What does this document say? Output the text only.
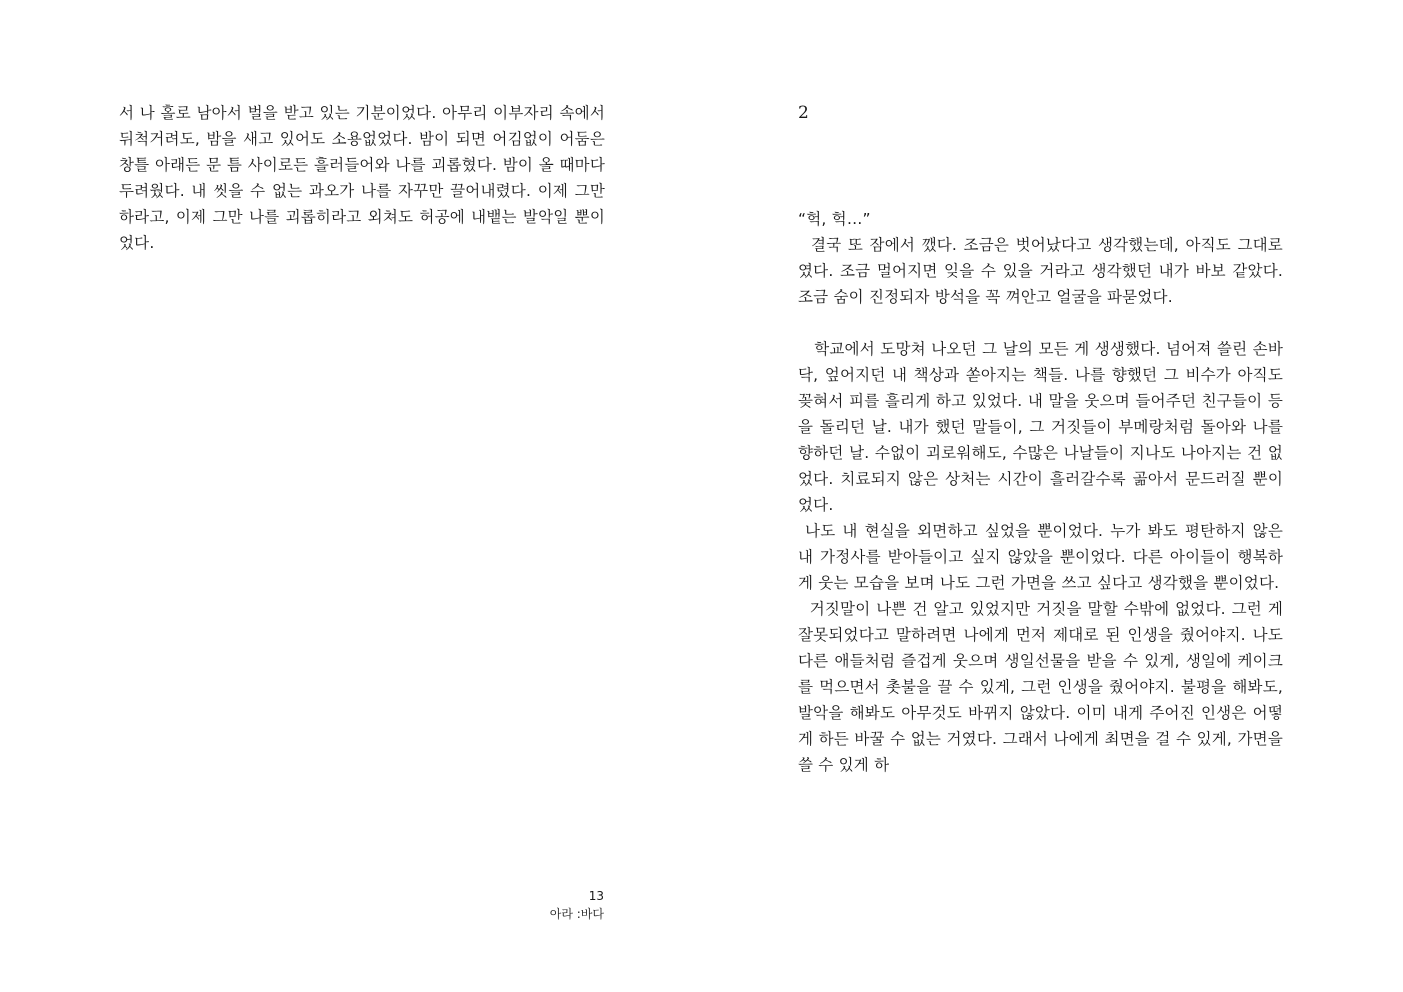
서 나 홀로 남아서 벌을 받고 있는 기분이었다. 아무리 이부자리 속에서 뒤척거려도, 밤을 새고 있어도 소용없었다. 밤이 되면 어김없이 어둠은 창틀 아래든 문 틈 사이로든 흘러들어와 나를 괴롭혔다. 밤이 올 때마다 두려웠다. 내 씻을 수 없는 과오가 나를 자꾸만 끌어내렸다. 이제 그만하라고, 이제 그만 나를 괴롭히라고 외쳐도 허공에 내뱉는 발악일 뿐이었다.

13
아라 :바다
2

“헉, 헉…”

결국 또 잠에서 깼다. 조금은 벗어났다고 생각했는데, 아직도 그대로였다. 조금 멀어지면 잊을 수 있을 거라고 생각했던 내가 바보 같았다. 조금 숨이 진정되자 방석을 꼭 껴안고 얼굴을 파묻었다.

학교에서 도망쳐 나오던 그 날의 모든 게 생생했다. 넘어져 쓸린 손바닥, 엎어지던 내 책상과 쏟아지는 책들. 나를 향했던 그 비수가 아직도 꽂혀서 피를 흘리게 하고 있었다. 내 말을 웃으며 들어주던 친구들이 등을 돌리던 날. 내가 했던 말들이, 그 거짓들이 부메랑처럼 돌아와 나를 향하던 날. 수없이 괴로워해도, 수많은 나날들이 지나도 나아지는 건 없었다. 치료되지 않은 상처는 시간이 흘러갈수록 곪아서 문드러질 뿐이었다.

나도 내 현실을 외면하고 싶었을 뿐이었다. 누가 봐도 평탄하지 않은 내 가정사를 받아들이고 싶지 않았을 뿐이었다. 다른 아이들이 행복하게 웃는 모습을 보며 나도 그런 가면을 쓰고 싶다고 생각했을 뿐이었다.

거짓말이 나쁜 건 알고 있었지만 거짓을 말할 수밖에 없었다. 그런 게 잘못되었다고 말하려면 나에게 먼저 제대로 된 인생을 줬어야지. 나도 다른 애들처럼 즐겁게 웃으며 생일선물을 받을 수 있게, 생일에 케이크를 먹으면서 촛불을 끌 수 있게, 그런 인생을 줬어야지. 불평을 해봐도, 발악을 해봐도 아무것도 바뀌지 않았다. 이미 내게 주어진 인생은 어떻게 하든 바꿀 수 없는 거였다. 그래서 나에게 최면을 걸 수 있게, 가면을 쓸 수 있게 하
